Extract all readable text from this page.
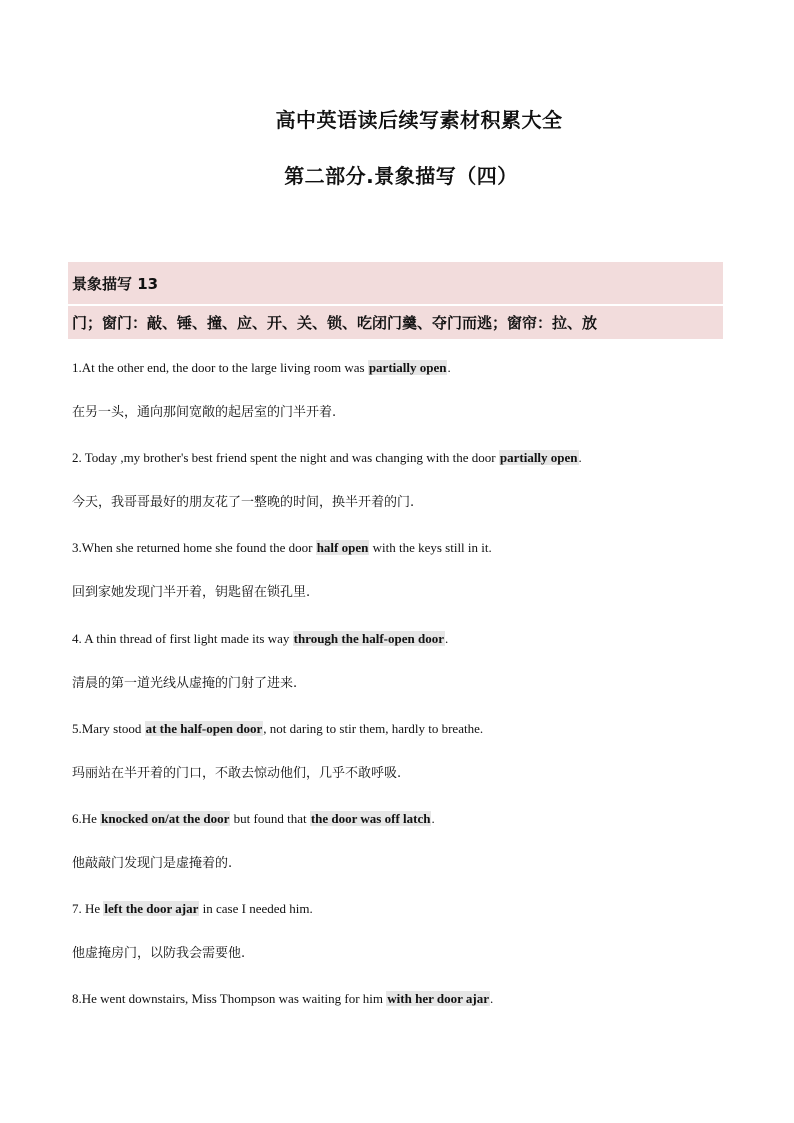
高中英语读后续写素材积累大全
第二部分.景象描写（四）
景象描写 13
门；窗门：敲、锤、撞、应、开、关、锁、吃闭门羹、夺门而逃；窗帘：拉、放
1.At the other end, the door to the large living room was partially open.
在另一头，通向那间宽敞的起居室的门半开着.
2. Today ,my brother's best friend spent the night and was changing with the door partially open.
今天，我哥哥最好的朋友花了一整晚的时间，换半开着的门.
3.When she returned home she found the door half open with the keys still in it.
回到家她发现门半开着，钥匙留在锁孔里.
4. A thin thread of first light made its way through the half-open door.
清晨的第一道光线从虚掩的门射了进来.
5.Mary stood at the half-open door, not daring to stir them, hardly to breathe.
玛丽站在半开着的门口，不敢去惊动他们，几乎不敢呼吸.
6.He knocked on/at the door but found that the door was off latch.
他敲敲门发现门是虚掩着的.
7. He left the door ajar in case I needed him.
他虚掩房门，以防我会需要他.
8.He went downstairs, Miss Thompson was waiting for him with her door ajar.
